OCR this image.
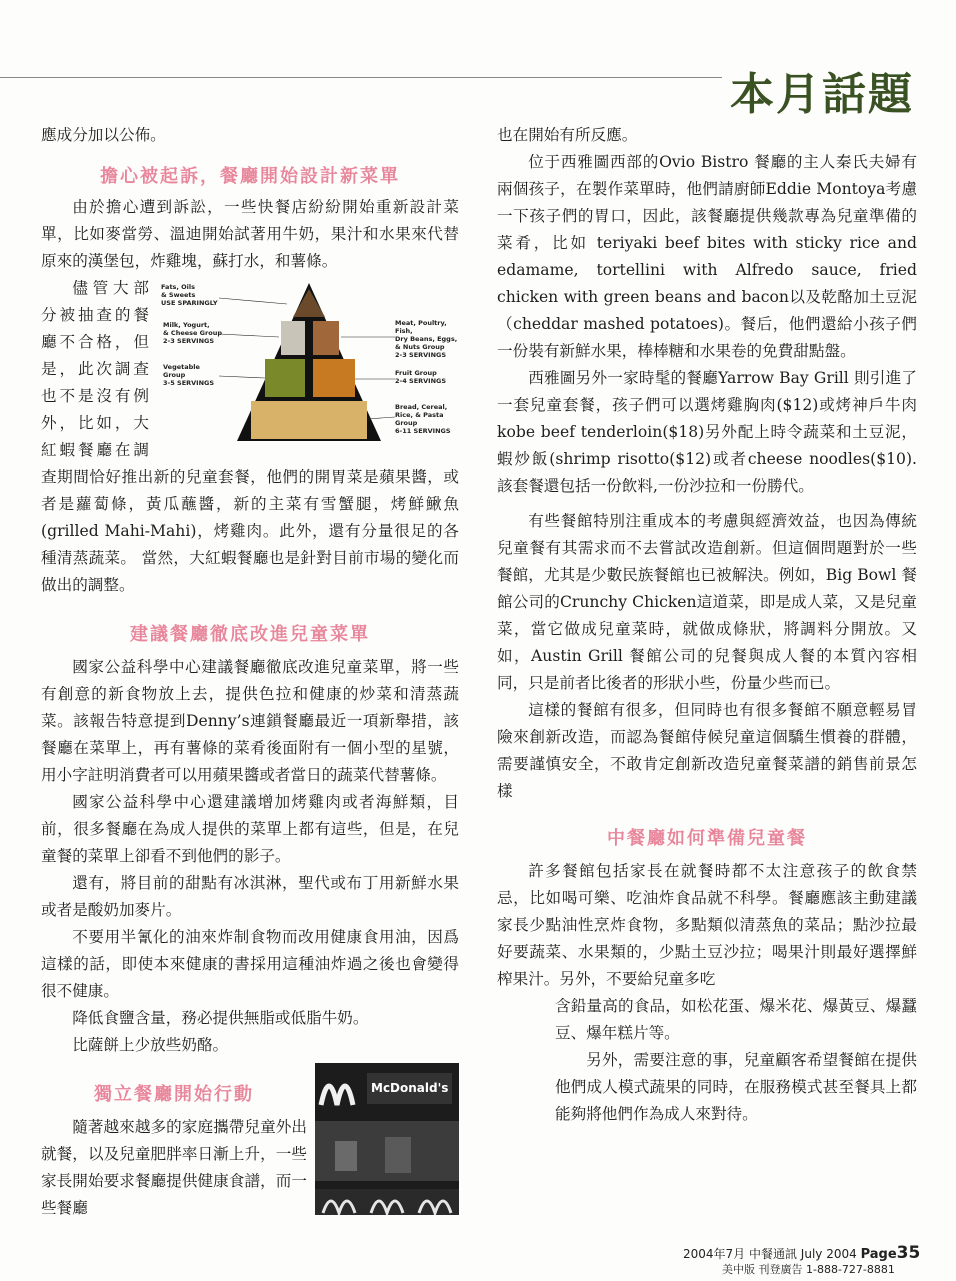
本月話題

應成分加以公佈。

擔心被起訴，餐廳開始設計新菜單

由於擔心遭到訴訟，一些快餐店紛紛開始重新設計菜單，比如麥當勞、溫迪開始試著用牛奶，果汁和水果來代替原來的漢堡包，炸雞塊，蘇打水，和薯條。

Fats, Oils
& Sweets
USE SPARINGLY
Milk, Yogurt,
& Cheese Group
2-3 SERVINGS
Vegetable
Group
3-5 SERVINGS
Meat, Poultry, Fish,
Dry Beans, Eggs,
& Nuts Group
2-3 SERVINGS
Fruit Group
2-4 SERVINGS
Bread, Cereal,
Rice, & Pasta
Group
6-11 SERVINGS

儘管大部分被抽查的餐廳不合格，但是，此次調查也不是沒有例外，比如，大紅蝦餐廳在調查期間恰好推出新的兒童套餐，他們的開胃菜是蘋果醬，或者是蘿蔔條，黃瓜蘸醬，新的主菜有雪蟹腿，烤鮮鰍魚(grilled Mahi-Mahi)，烤雞肉。此外，還有分量很足的各種清蒸蔬菜。 當然，大紅蝦餐廳也是針對目前市場的變化而做出的調整。

建議餐廳徹底改進兒童菜單

國家公益科學中心建議餐廳徹底改進兒童菜單，將一些有創意的新食物放上去，提供色拉和健康的炒菜和清蒸蔬菜。該報告特意提到Denny’s連鎖餐廳最近一項新舉措，該餐廳在菜單上，再有薯條的菜肴後面附有一個小型的星號，用小字註明消費者可以用蘋果醬或者當日的蔬菜代替薯條。

國家公益科學中心還建議增加烤雞肉或者海鮮類，目前，很多餐廳在為成人提供的菜單上都有這些，但是，在兒童餐的菜單上卻看不到他們的影子。

還有，將目前的甜點有冰淇淋，聖代或布丁用新鮮水果或者是酸奶加麥片。

不要用半氰化的油來炸制食物而改用健康食用油，因爲這樣的話，即使本來健康的書採用這種油炸過之後也會變得很不健康。

降低食鹽含量，務必提供無脂或低脂牛奶。

比薩餅上少放些奶酪。

McDonald's
獨立餐廳開始行動

隨著越來越多的家庭攜帶兒童外出就餐，以及兒童肥胖率日漸上升，一些家長開始要求餐廳提供健康食譜，而一些餐廳

也在開始有所反應。

位于西雅圖西部的Ovio Bistro 餐廳的主人秦氏夫婦有兩個孩子，在製作菜單時，他們請廚師Eddie Montoya考慮一下孩子們的胃口，因此，該餐廳提供幾款專為兒童準備的菜肴，比如 teriyaki beef bites with sticky rice and edamame, tortellini with Alfredo sauce, fried chicken with green beans and bacon以及乾酪加土豆泥（cheddar mashed potatoes)。餐后，他們還給小孩子們一份裝有新鮮水果，棒棒糖和水果卷的免費甜點盤。

西雅圖另外一家時髦的餐廳Yarrow Bay Grill 則引進了一套兒童套餐，孩子們可以選烤雞胸肉($12)或烤神戶牛肉kobe beef tenderloin($18)另外配上時令蔬菜和土豆泥，蝦炒飯(shrimp risotto($12)或者cheese noodles($10). 該套餐還包括一份飲料,一份沙拉和一份勝代。

有些餐館特別注重成本的考慮與經濟效益，也因為傳統兒童餐有其需求而不去嘗試改造創新。但這個問題對於一些餐館，尤其是少數民族餐館也已被解決。例如，Big Bowl 餐館公司的Crunchy Chicken這道菜，即是成人菜，又是兒童菜，當它做成兒童菜時，就做成條狀，將調料分開放。又如，Austin Grill 餐館公司的兒餐與成人餐的本質內容相同，只是前者比後者的形狀小些，份量少些而已。

這樣的餐館有很多，但同時也有很多餐館不願意輕易冒險來創新改造，而認為餐館侍候兒童這個驕生慣養的群體，需要謹慎安全，不敢肯定創新改造兒童餐菜譜的銷售前景怎樣

中餐廳如何準備兒童餐

許多餐館包括家長在就餐時都不太注意孩子的飲食禁忌，比如喝可樂、吃油炸食品就不科學。餐廳應該主動建議家長少點油性烹炸食物，多點類似清蒸魚的菜品；點沙拉最好要蔬菜、水果類的，少點土豆沙拉；喝果汁則最好選擇鮮榨果汁。另外，不要給兒童多吃

含鉛量高的食品，如松花蛋、爆米花、爆黃豆、爆蠶豆、爆年糕片等。

另外，需要注意的事，兒童顧客希望餐館在提供他們成人模式蔬果的同時，在服務模式甚至餐具上都能夠將他們作為成人來對待。

2004年7月 中餐通訊 July 2004 Page35
美中版 刊登廣告 1-888-727-8881
